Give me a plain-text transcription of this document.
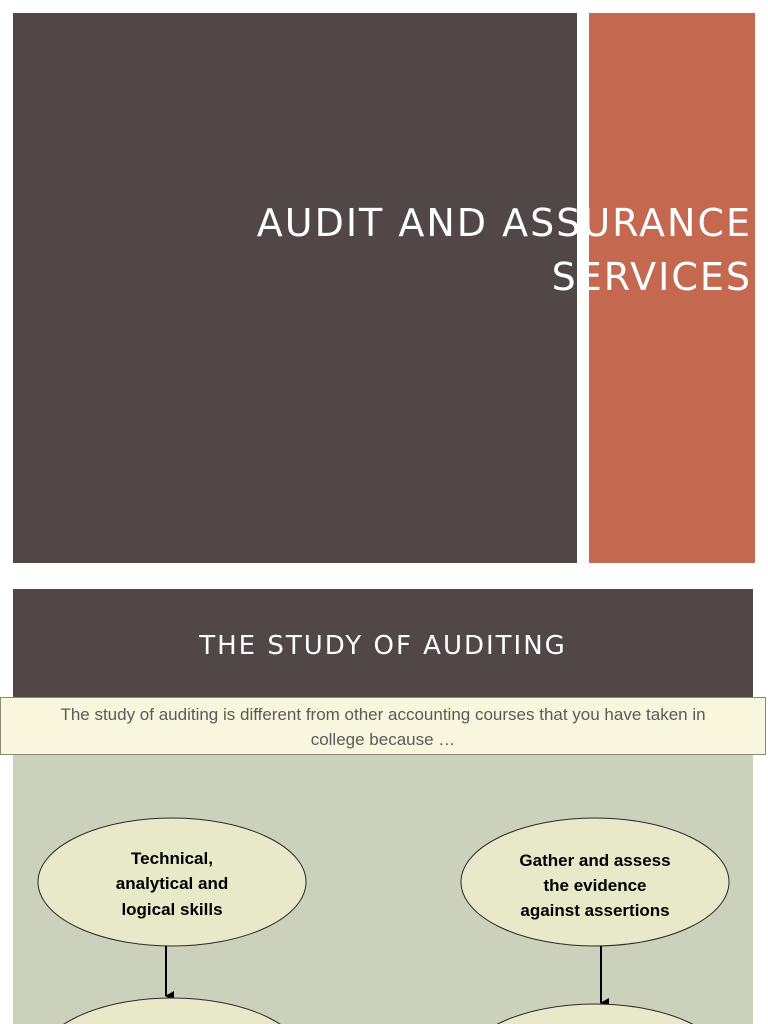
AUDIT AND ASSURANCE
SERVICES
THE STUDY OF AUDITING
Technical,
analytical and
logical skills
Gather and assess
the evidence
against assertions
The study of auditing is different from other accounting courses that you have taken in
college because …
